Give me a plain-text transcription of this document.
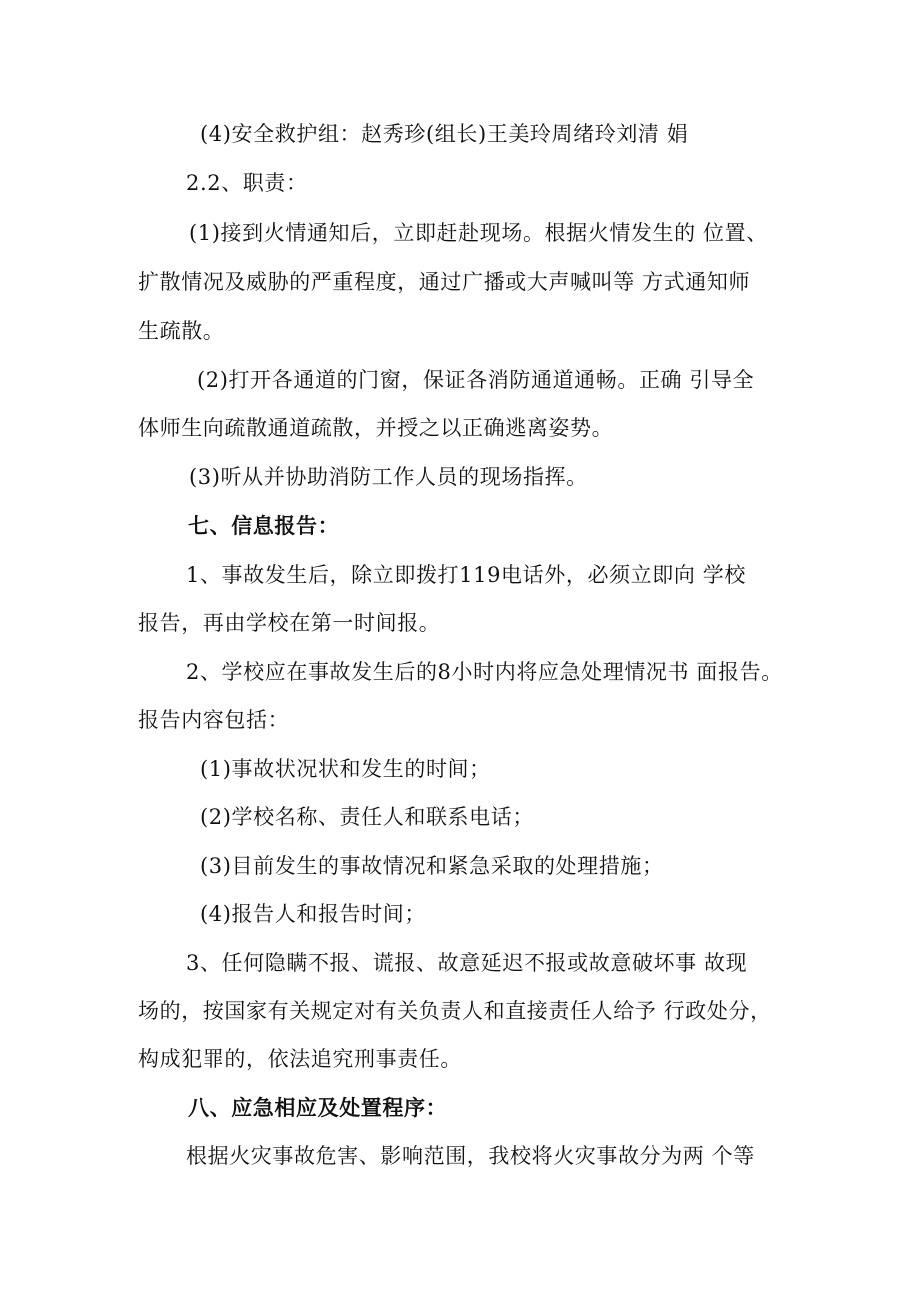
(4)安全救护组：赵秀珍(组长)王美玲周绪玲刘清 娟
2.2、职责：
(1)接到火情通知后，立即赶赴现场。根据火情发生的 位置、
扩散情况及威胁的严重程度，通过广播或大声喊叫等 方式通知师
生疏散。
(2)打开各通道的门窗，保证各消防通道通畅。正确 引导全
体师生向疏散通道疏散，并授之以正确逃离姿势。
(3)听从并协助消防工作人员的现场指挥。
七、信息报告：
1、事故发生后，除立即拨打119电话外，必须立即向 学校
报告，再由学校在第一时间报。
2、学校应在事故发生后的8小时内将应急处理情况书 面报告。
报告内容包括：
(1)事故状况状和发生的时间；
(2)学校名称、责任人和联系电话；
(3)目前发生的事故情况和紧急采取的处理措施；
(4)报告人和报告时间；
3、任何隐瞒不报、谎报、故意延迟不报或故意破坏事 故现
场的，按国家有关规定对有关负责人和直接责任人给予 行政处分，
构成犯罪的，依法追究刑事责任。
八、应急相应及处置程序：
根据火灾事故危害、影响范围，我校将火灾事故分为两 个等
